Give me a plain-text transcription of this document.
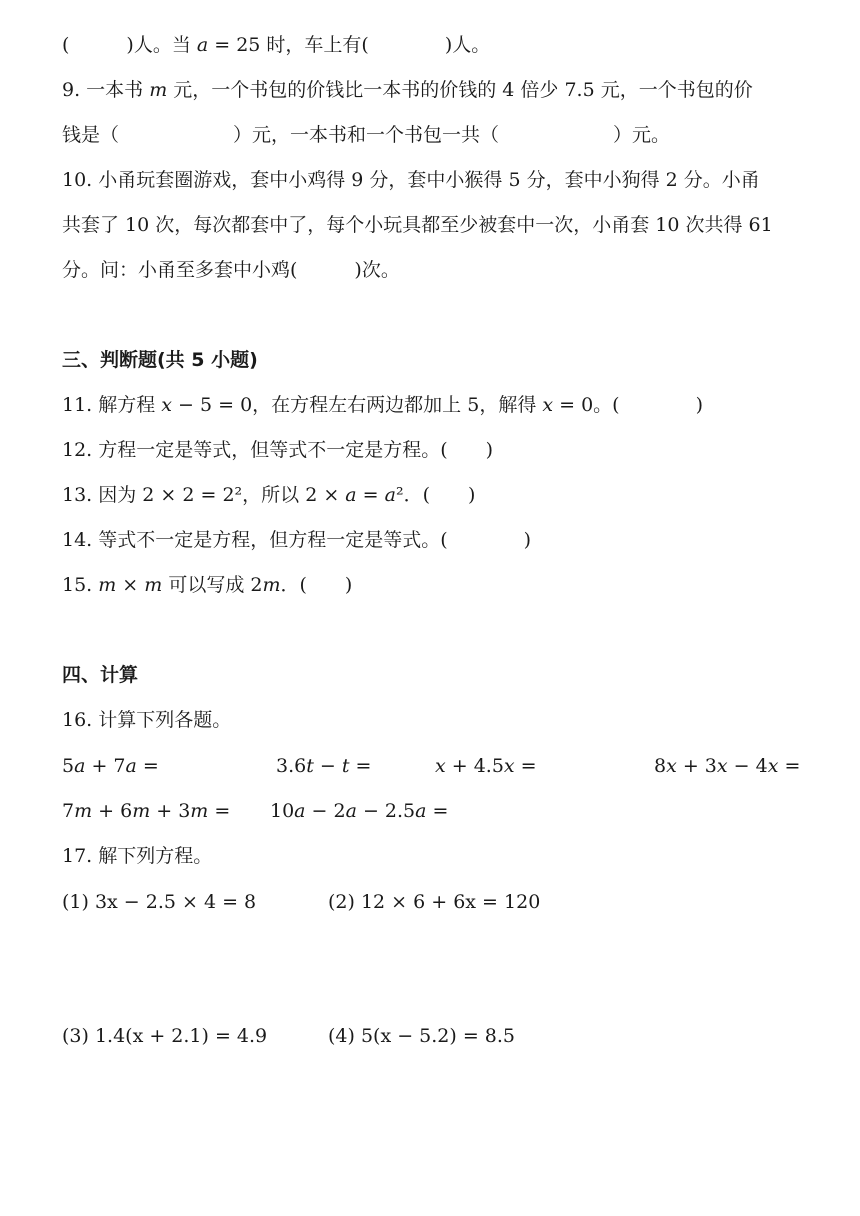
(　　　)人。当 𝑎 = 25 时，车上有(　　　　)人。
9. 一本书 𝑚 元，一个书包的价钱比一本书的价钱的 4 倍少 7.5 元，一个书包的价
钱是（　　　　　　）元，一本书和一个书包一共（　　　　　　）元。
10. 小甬玩套圈游戏，套中小鸡得 9 分，套中小猴得 5 分，套中小狗得 2 分。小甬
共套了 10 次，每次都套中了，每个小玩具都至少被套中一次，小甬套 10 次共得 61
分。问：小甬至多套中小鸡(　　　)次。
三、判断题(共 5 小题)
11. 解方程 𝑥 − 5 = 0，在方程左右两边都加上 5，解得 𝑥 = 0。(　　　　)
12. 方程一定是等式，但等式不一定是方程。(　　)
13. 因为 2 × 2 = 2²，所以 2 × 𝑎 = 𝑎²．(　　)
14. 等式不一定是方程，但方程一定是等式。(　　　　)
15. 𝑚 × 𝑚 可以写成 2𝑚．(　　)
四、计算
16. 计算下列各题。
5𝑎 + 7𝑎 =	3.6𝑡 − 𝑡 =	𝑥 + 4.5𝑥 =	8𝑥 + 3𝑥 − 4𝑥 =
7𝑚 + 6𝑚 + 3𝑚 = 10𝑎 − 2𝑎 − 2.5𝑎 =
17. 解下列方程。
(1) 3x − 2.5 × 4 = 8	(2) 12 × 6 + 6x = 120
(3) 1.4(x + 2.1) = 4.9	(4) 5(x − 5.2) = 8.5
